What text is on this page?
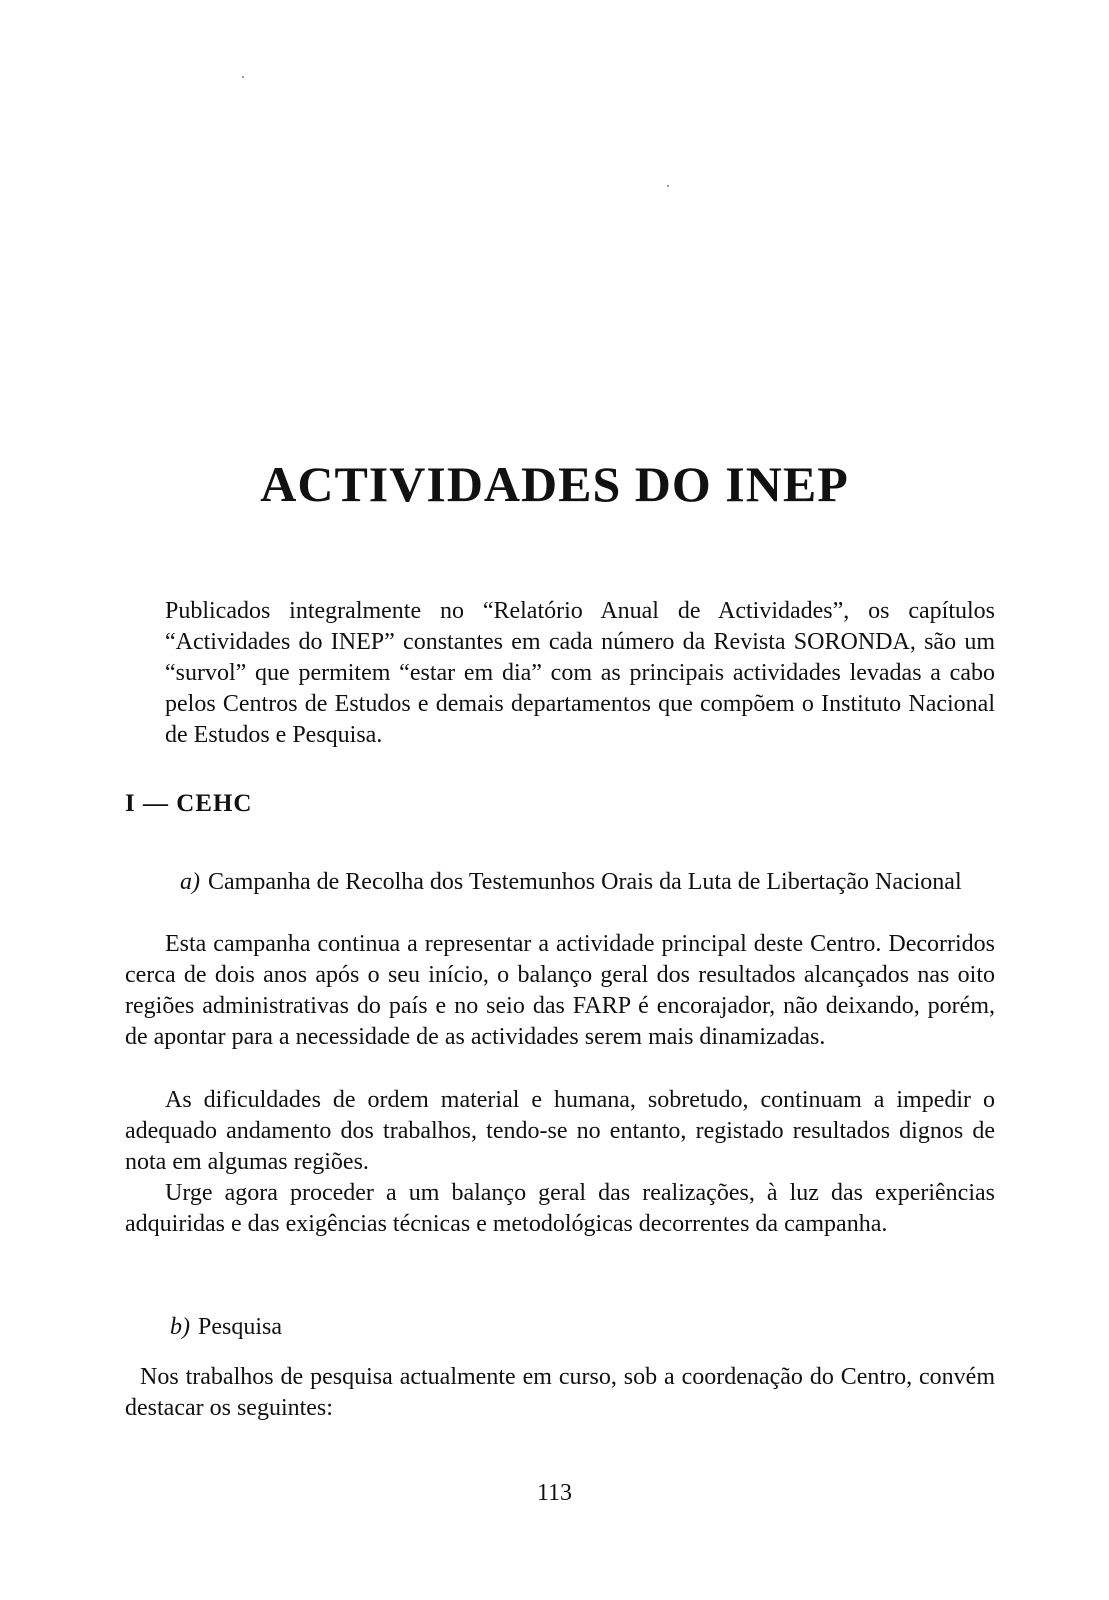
ACTIVIDADES DO INEP

Publicados integralmente no “Relatório Anual de Actividades”, os capítulos “Actividades do INEP” constantes em cada número da Revista SORONDA, são um “survol” que permitem “estar em dia” com as principais actividades levadas a cabo pelos Centros de Estudos e demais departamentos que compõem o Instituto Nacional de Estudos e Pesquisa.

I — CEHC

a) Campanha de Recolha dos Testemunhos Orais da Luta de Libertação Nacional

Esta campanha continua a representar a actividade principal deste Centro. Decorridos cerca de dois anos após o seu início, o balanço geral dos resultados alcançados nas oito regiões administrativas do país e no seio das FARP é encorajador, não deixando, porém, de apontar para a necessidade de as actividades serem mais dinamizadas.

As dificuldades de ordem material e humana, sobretudo, continuam a impedir o adequado andamento dos trabalhos, tendo-se no entanto, registado resultados dignos de nota em algumas regiões.

Urge agora proceder a um balanço geral das realizações, à luz das experiências adquiridas e das exigências técnicas e metodológicas decorrentes da campanha.

b) Pesquisa

Nos trabalhos de pesquisa actualmente em curso, sob a coordenação do Centro, convém destacar os seguintes:

113
